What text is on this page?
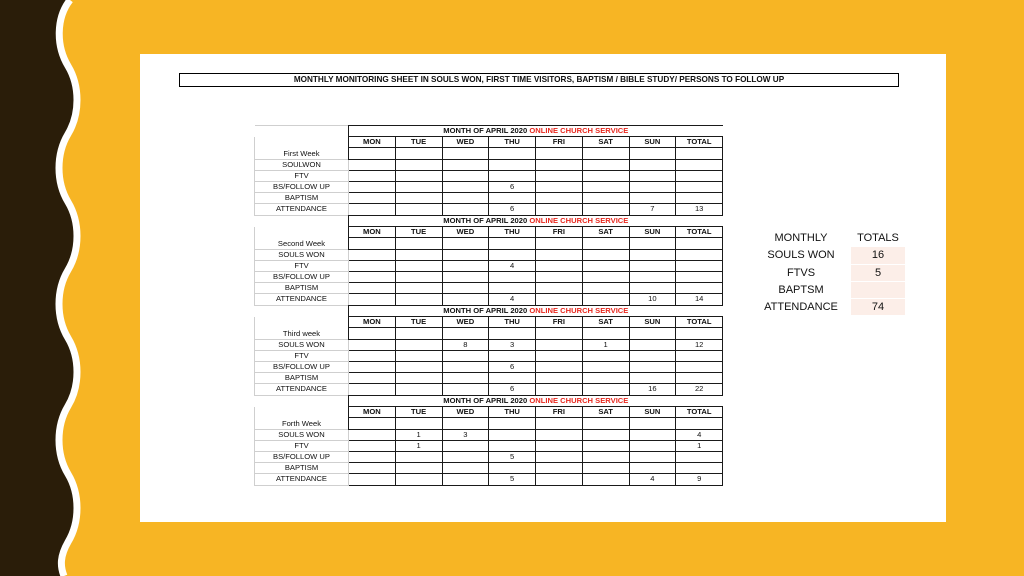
MONTHLY MONITORING SHEET IN SOULS WON, FIRST TIME VISITORS, BAPTISM / BIBLE STUDY/ PERSONS TO FOLLOW UP
	MONTH OF APRIL 2020 ONLINE CHURCH SERVICE							
First Week	MON	TUE	WED	THU	FRI	SAT	SUN	TOTAL

SOULWON								
FTV								
BS/FOLLOW UP				6				
BAPTISM								
ATTENDANCE				6			7	13
	MONTH OF APRIL 2020 ONLINE CHURCH SERVICE							
Second Week	MON	TUE	WED	THU	FRI	SAT	SUN	TOTAL

SOULS WON								
FTV				4				
BS/FOLLOW UP								
BAPTISM								
ATTENDANCE				4			10	14
	MONTH OF APRIL 2020 ONLINE CHURCH SERVICE							
Third week	MON	TUE	WED	THU	FRI	SAT	SUN	TOTAL

SOULS WON			8	3		1		12
FTV								
BS/FOLLOW UP				6				
BAPTISM								
ATTENDANCE				6			16	22
	MONTH OF APRIL 2020 ONLINE CHURCH SERVICE							
Forth Week	MON	TUE	WED	THU	FRI	SAT	SUN	TOTAL

SOULS WON		1	3					4
FTV		1						1
BS/FOLLOW UP				5				
BAPTISM								
ATTENDANCE				5			4	9
MONTHLY	TOTALS
SOULS WON	16
FTVS	5
BAPTSM	
ATTENDANCE	74
